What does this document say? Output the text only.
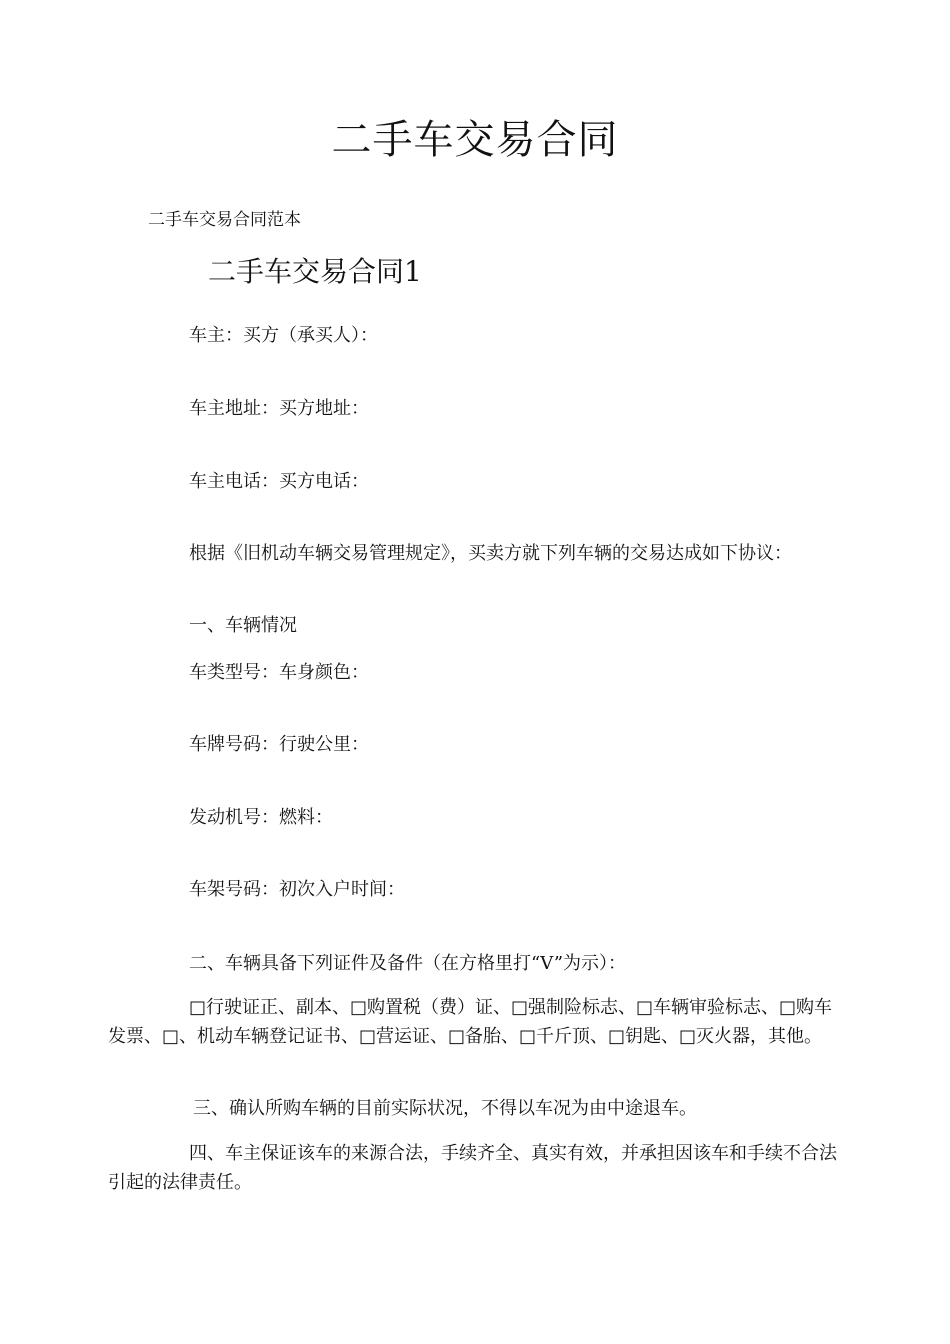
二手车交易合同
二手车交易合同范本
二手车交易合同1
车主：买方（承买人）：
车主地址：买方地址：
车主电话：买方电话：

根据《旧机动车辆交易管理规定》，买卖方就下列车辆的交易达成如下协议：

一、车辆情况
车类型号：车身颜色：
车牌号码：行驶公里：
发动机号：燃料：
车架号码：初次入户时间：
二、车辆具备下列证件及备件（在方格里打“V”为示）：

□行驶证正、副本、□购置税（费）证、□强制险标志、□车辆审验标志、□购车发票、□、机动车辆登记证书、□营运证、□备胎、□千斤顶、□钥匙、□灭火器，其他。

三、确认所购车辆的目前实际状况，不得以车况为由中途退车。

四、车主保证该车的来源合法，手续齐全、真实有效，并承担因该车和手续不合法引起的法律责任。
